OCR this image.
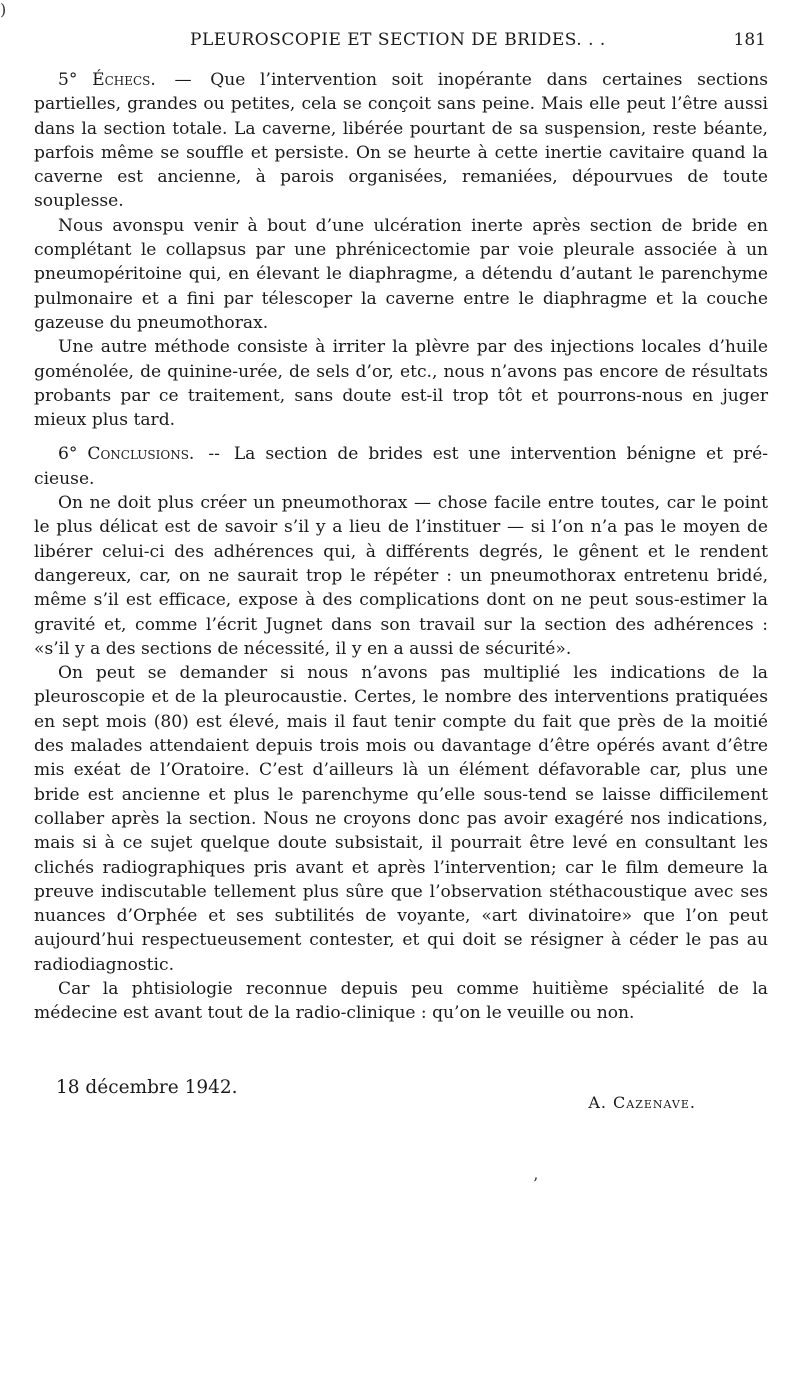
)
PLEUROSCOPIE ET SECTION DE BRIDES. . .	181

5° Échecs. — Que l’intervention soit inopérante dans certaines sections partielles, grandes ou petites, cela se conçoit sans peine. Mais elle peut l’être aussi dans la section totale. La caverne, libérée pourtant de sa suspension, reste béante, parfois même se souffle et persiste. On se heurte à cette inertie cavitaire quand la caverne est ancienne, à parois organisées, remaniées, dépourvues de toute souplesse.

Nous avonspu venir à bout d’une ulcération inerte après section de bride en complétant le collapsus par une phrénicectomie par voie pleurale associée à un pneumopéritoine qui, en élevant le diaphragme, a détendu d’autant le parenchyme pulmonaire et a fini par télescoper la caverne entre le diaphragme et la couche gazeuse du pneumothorax.

Une autre méthode consiste à irriter la plèvre par des injections locales d’huile goménolée, de quinine-urée, de sels d’or, etc., nous n’avons pas encore de résultats probants par ce traitement, sans doute est-il trop tôt et pourrons-nous en juger mieux plus tard.

6° Conclusions. -- La section de brides est une intervention bénigne et précieuse.

On ne doit plus créer un pneumothorax — chose facile entre toutes, car le point le plus délicat est de savoir s’il y a lieu de l’instituer — si l’on n’a pas le moyen de libérer celui-ci des adhérences qui, à différents degrés, le gênent et le rendent dangereux, car, on ne saurait trop le répéter : un pneumothorax entretenu bridé, même s’il est efficace, expose à des complications dont on ne peut sous-estimer la gravité et, comme l’écrit Jugnet dans son travail sur la section des adhérences : «s’il y a des sections de nécessité, il y en a aussi de sécurité».

On peut se demander si nous n’avons pas multiplié les indications de la pleuroscopie et de la pleurocaustie. Certes, le nombre des interventions pratiquées en sept mois (80) est élevé, mais il faut tenir compte du fait que près de la moitié des malades attendaient depuis trois mois ou davantage d’être opérés avant d’être mis exéat de l’Oratoire. C’est d’ailleurs là un élément défavorable car, plus une bride est ancienne et plus le parenchyme qu’elle sous-tend se laisse difficilement collaber après la section. Nous ne croyons donc pas avoir exagéré nos indications, mais si à ce sujet quelque doute subsistait, il pourrait être levé en consultant les clichés radiographiques pris avant et après l’intervention; car le film demeure la preuve indiscutable tellement plus sûre que l’observation stéthacoustique avec ses nuances d’Orphée et ses subtilités de voyante, «art divinatoire» que l’on peut aujourd’hui respectueusement contester, et qui doit se résigner à céder le pas au radiodiagnostic.

Car la phtisiologie reconnue depuis peu comme huitième spécialité de la médecine est avant tout de la radio-clinique : qu’on le veuille ou non.

18 décembre 1942.
A. Cazenave.
’
